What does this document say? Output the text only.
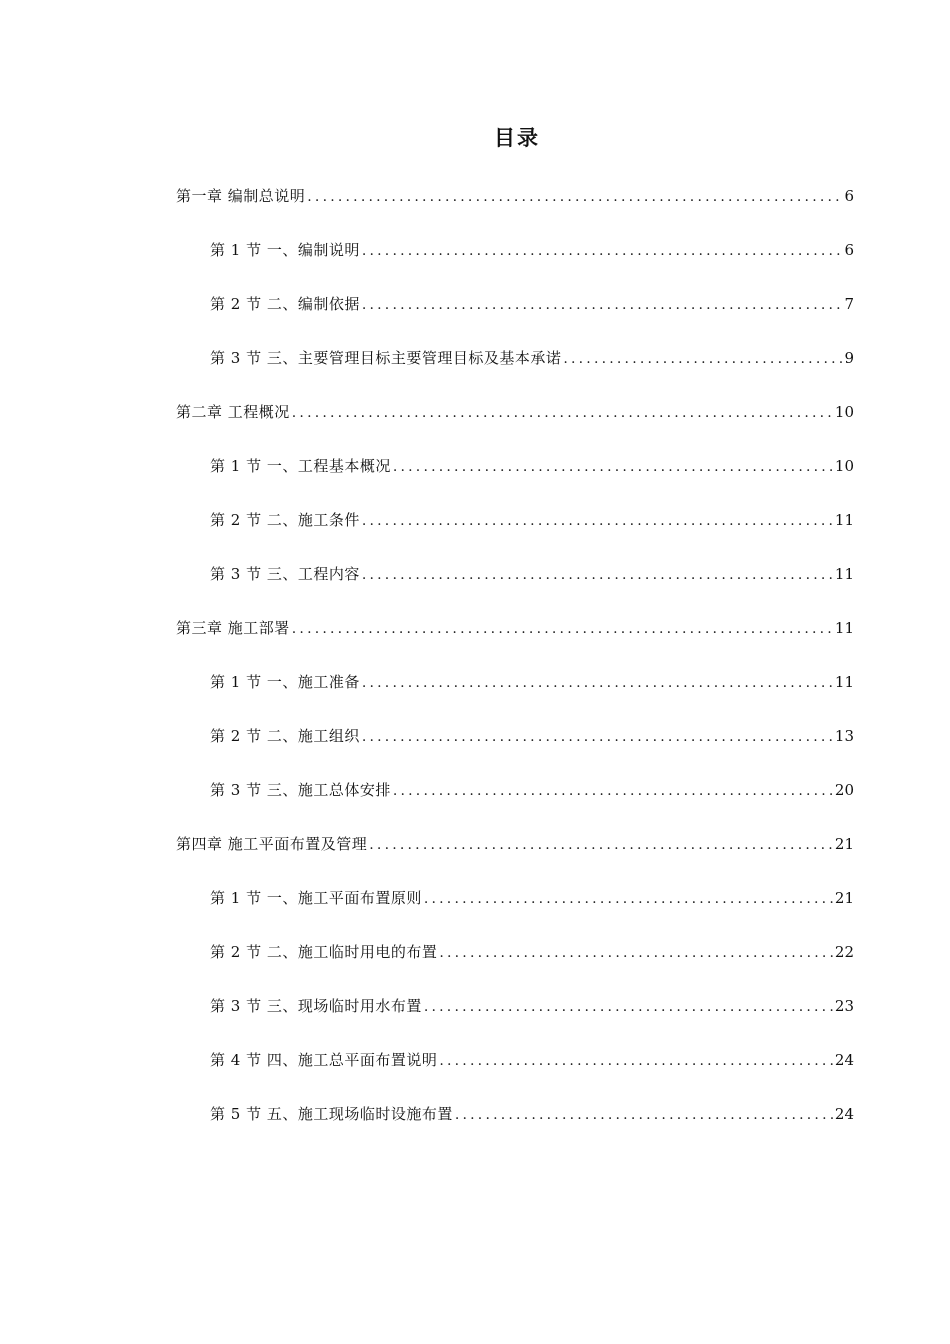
目录
第一章 编制总说明 .....	6
第 1 节 一、编制说明 .....	6
第 2 节 二、编制依据 .....	7
第 3 节 三、主要管理目标主要管理目标及基本承诺 .....	9
第二章 工程概况 .....	10
第 1 节 一、工程基本概况 .....	10
第 2 节 二、施工条件 .....	11
第 3 节 三、工程内容 .....	11
第三章 施工部署 .....	11
第 1 节 一、施工准备 .....	11
第 2 节 二、施工组织 .....	13
第 3 节 三、施工总体安排 .....	20
第四章 施工平面布置及管理 .....	21
第 1 节 一、施工平面布置原则 .....	21
第 2 节 二、施工临时用电的布置 .....	22
第 3 节 三、现场临时用水布置 .....	23
第 4 节 四、施工总平面布置说明 .....	24
第 5 节 五、施工现场临时设施布置 .....	24
